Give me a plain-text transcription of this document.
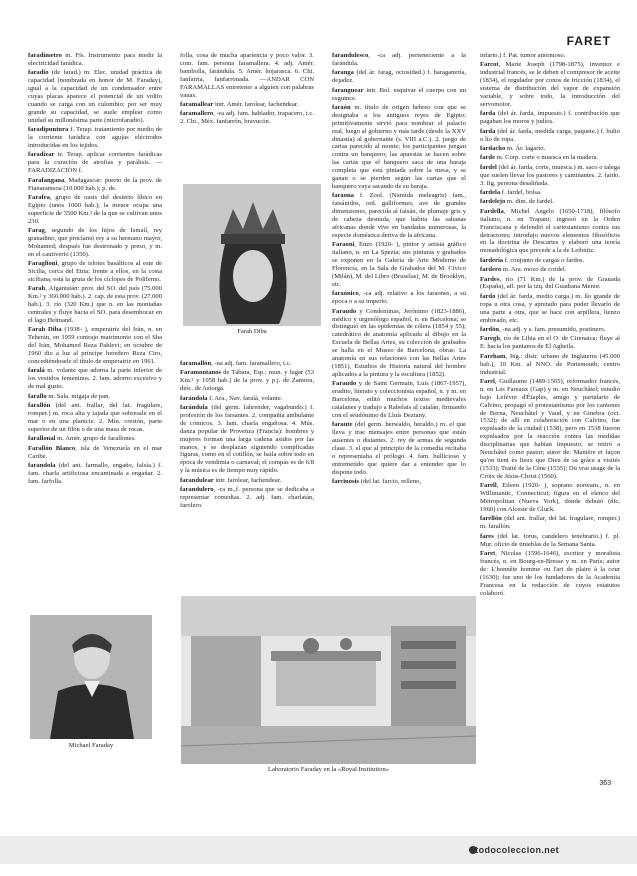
FARET

faradímetro m. Fís. Instrumento para medir la electricidad farádica.

faradio (de farad.) m. Elec. unidad práctica de capacidad (nombrada en honor de M. Faraday), igual a la capacidad de un condensador entre cuyas placas aparece el potencial de un voltio cuando se carga con un culombio; por ser muy grande su capacidad, se suele emplear como unidad su millonésima parte (microfaradio).

faradipuntura f. Terap. tratamiento por medio de la corriente farádica con agujas eléctrodos introducidas en los tejidos.

faradizar tr. Terap. aplicar corrientes farádicas para la curación de atrofias y parálisis. —FARADIZACIÓN f.

Farafangana, Madagascar: puerto de la prov. de Fianarantsoa (10.000 hab.); p. de.

Farafra, grupo de oasis del desierto líbico en Egipto (unos 1000 hab.); la menor ocupa una superficie de 3500 Km.² de la que se cultivan unos 230.

Farag, segundo de los hijos de Ismaíl, rey granadino, que proclamó rey a su hermano mayor, Mohamed; después fue destronado y preso, y m. en el cautiverio (1350).

Faraglioni, grupo de islotes basálticos al este de Sicilia, cerca del Etna; frente a ellos, en la costa siciliana, está la gruta de los cíclopes de Polifemo.

Farah, Afganistán: prov. del SO. del país (75.000 Km.² y 360.000 hab.). 2. cap. de esta prov. (27.000 hab.). 3. río (320 Km.) que n. en las montañas centrales y fluye hacia el SO. para desembocar en el lago Helmand.

Farah Diba (1938- ), emperatriz del Irán, n. en Teherán, en 1959 contrajo matrimonio con el Sha del Irán, Mohamed Reza Pahlevi; en octubre de 1960 dio a luz al príncipe heredero Reza Ciro, concediéndosele el título de emperatriz en 1961.

faralá m. volante que adorna la parte inferior de los vestidos femeninos. 2. fam. adorno excesivo y de mal gusto.

farallo m. Sala. migaja de pan.

farallón (del ant. frallar, del lat. fragulare, romper.) m. roca alta y tajada que sobresale en el mar o en una planicie. 2. Mín. crestón, parte superior de un filón o de una masa de rocas.

farallonal m. Amér. grupo de farallones.

Farallón Blanco, isla de Venezuela en el mar Caribe.

farandola (del ant. farmallo, engaño, falsía.) f. fam. charla artificiosa encaminada a engañar. 2. fam. farfolla.

folla, cosa de mucha apariencia y poco valor. 3. com. fam. persona faramallera. 4. adj. Amér. bambolla, farándula. 5. Amér. hojarasca. 6. Chi. fanfarria, fanfarronada. —ANDAR CON FARAMALLAS entretener a alguien con palabras vanas.

faramallear intr. Amér. farolear, fachendear.

faramallero, -ra adj. fam. hablador, trapacero, t.c. 2. Chi., Méx. fanfarrón, bravucón.

Farah Diba

faramallón, -na adj. fam. faramallero, t.c.

Faramontanos de Tábara, Esp.: mun. y lugar (53 Km.² y 1058 hab.) de la prov. y p.j. de Zamora, dióc. de Astorga.

farándola f. Ara., Nav. faralá, volante.

farándula (del germ. fahrender, vagabundo.) f. profesión de los farsantes. 2. compañía ambulante de cómicos. 3. fam. charla engañosa. 4. Mús. danza popular de Provenza (Francia): hombres y mujeres forman una larga cadena asidos por las manos, y se desplazan siguiendo complicadas figuras, como en el cotillón, se baila sobre todo en época de vendimia o carnaval; el compás es de 6/8 y la música es de tiempo muy rápido.

farandulear intr. farolear, fachendear.

farandulero, -ra m.,f. persona que se dedicaba a representar comedias. 2. adj. fam. charlatán, farolero.

farandulesco, -ca adj. perteneciente a la farándula.

faranga (del ár. farag, ociosidad.) f. haraganería, dejadez.

faranguear intr. Bol. esquivar el cuerpo con un esguince.

faraón m. título de origen hebreo con que se designaba a los antiguos reyes de Egipto; primitivamente sirvió para nombrar el palacio real, luego al gobierno y más tarde (desde la XXV dinastía) al gobernante (s. VIII a.C.). 2. juego de cartas parecido al monte; los participantes juegan contra un banquero; las apuestas se hacen sobre las cartas que el banquero saca de una baraja completa que está pintada sobre la mesa, y se ganan o se pierden según las cartas que el banquero vaya sacando de su baraja.

faraona f. Zool. (Numida meleagris) fam., faisánidos, ord. galliformes, ave de grandes dimensiones, parecida al faisán, de plumaje gris y de cabeza desnuda, que habita las sabanas africanas donde vive en bandadas numerosas, la especie doméstica deriva de la africana.

Faraoni, Enzo (1920- ), pintor y artista gráfico italiano, n. en La Spezia; sus pinturas y grabados se exponen en la Galería de Arte Moderno de Florencia, en la Sala de Grabados del M. Cívico (Milán), M. del Libro (Bruselas), M. de Brooklyn, etc.

faraónico, -ca adj. relativo a los faraones, a su época o a su imperio.

Faraudo y Condeminas, Jerónimo (1823-1886), médico y urgenólogo español, n. en Barcelona; se distinguió en las epidemias de cólera (1854 y 55); catedrático de anatomía aplicada al dibujo en la Escuela de Bellas Artes, su colección de grabados se halla en el Museo de Barcelona; obras: La anatomía en sus relaciones con las Bellas Artes (1851), Estudios de Historia natural del hombre aplicados a la pintura y la escultura (1852).

Faraudo y de Saint Germain, Luis (1867-1957), erudito, literato y coleccionista español, n. y m. en Barcelona, editó muchos textos medievales catalanes y tradujo a Rabelais al catalán, firmando con el seudónimo de Lluís Deztany.

faraute (del germ. herwaldo, heraldo.) m. el que lleva y trae mensajes entre personas que están ausentes o distantes. 2. rey de armas de segunda clase. 3. el que al principio de la comedia recitaba o representaba el prólogo. 4. fam. bullicioso y entremetido que quiere dar a entender que lo dispone todo.

farcinosis (del lat. farcio, relleno,

infarto.) f. Pat. tumor anormoso.

Farcot, Marie Joseph (1798-1875), inventor e industrial francés, se le deben el compresor de aceite (1834), el regulador por conos de fricción (1834), el sistema de distribución del vapor de expansión variable, y sobre todo, la introducción del servomotor.

farda (del ár. farda, impuesto.) f. contribución que pagaban los moros y judíos.

farda (del ár. farda, medida carga, paquete.) f. bulto o lío de ropa.

fardacho m. Ár. lagarto.

farde m. Corp. corte o muesca en la madera.

fardel (del ár. farda, corte, muesca.) m. saco o talega que suelen llevar los pastores y caminantes. 2. fardo. 3. fig. persona desaliñada.

fardela f. fardel, bolsa.

fardelejo m. dim. de fardel.

Fardella, Michel Angelo (1650-1718), filósofo italiano, n. en Trapani; ingresó en la Orden Franciscana y defendió el cartesianismo contra sus detractores; introdujo nuevos elementos filosóficos en la doctrina de Descartes y elaboró una teoría monadológica que precede a la de Leibnitz.

fardería f. conjunto de cargas o fardos.

fardero m. Ara. mozo de cordel.

Fardes, río (71 Km.) de la prov. de Granada (España), afl. por la izq. del Guadiana Menor.

fardo (del ár. farda, medio carga.) m. lío grande de ropa u otra cosa, y apretado para poder llevarlo de una parte a otra, que se hace con arpillera, lienzo embreado, etc.

fardón, -na adj. y s. fam. presumido, postinero.

Faregh, río de Libia en el O. de Cirenaica; fluye al E. hacia los pantanos de El Agheila.

Fareham, Ing.: distr. urbano de Inglaterra (45.000 hab.), 10 Km. al NNO. de Portsmouth; centro industrial.

Farel, Guillaume (1489-1565), reformador francés, n. en Les Fareaux (Gap) y m. en Neuchâtel; estudió bajo Lefèvre d'Étaples, amigo y partidario de Calvino, propagó el protestantismo por los cantones de Berna, Neuchâtel y Vaud, y en Ginebra (oct. 1532); de allí en colaboración con Calvino, fue expulsado de la ciudad (1538), pero en 1538 fueron expulsados por la reacción contra las medidas disciplinarias que habían impuesto; se retiró a Neuchâtel como pastor; autor de: Manière et façon qu'on tient ès lieux que Dieu de sa grâce a visités (1533); Traité de la Cène (1535); Du vrai usage de la Croix de Jésus-Christ (1560).

Farell, Eileen (1920- ), soprano norteam., n. en Willimantic, Connecticut; figura en el elenco del Metropolitan (Nueva York), donde debutó (dic. 1960) con Alceste de Gluck.

farellón (del ant. frallar, del lat. fragulare, romper.) m. farallón.

fares (del lat. forus, candelero tenebrario.) f. pl. Mur. oficio de tinieblas de la Semana Santa.

Faret, Nicolas (1596-1646), escritor y moralista francés, n. en Bourg-en-Bresse y m. en París; autor de: L'honnête homme ou l'art de plaire à la cour (1630); fue uno de los fundadores de la Academia Francesa en la redacción de cuyos estatutos colaboró.

Michael Faraday
Laboratorio Faraday en la «Royal Institution»
363
todocoleccion.net
